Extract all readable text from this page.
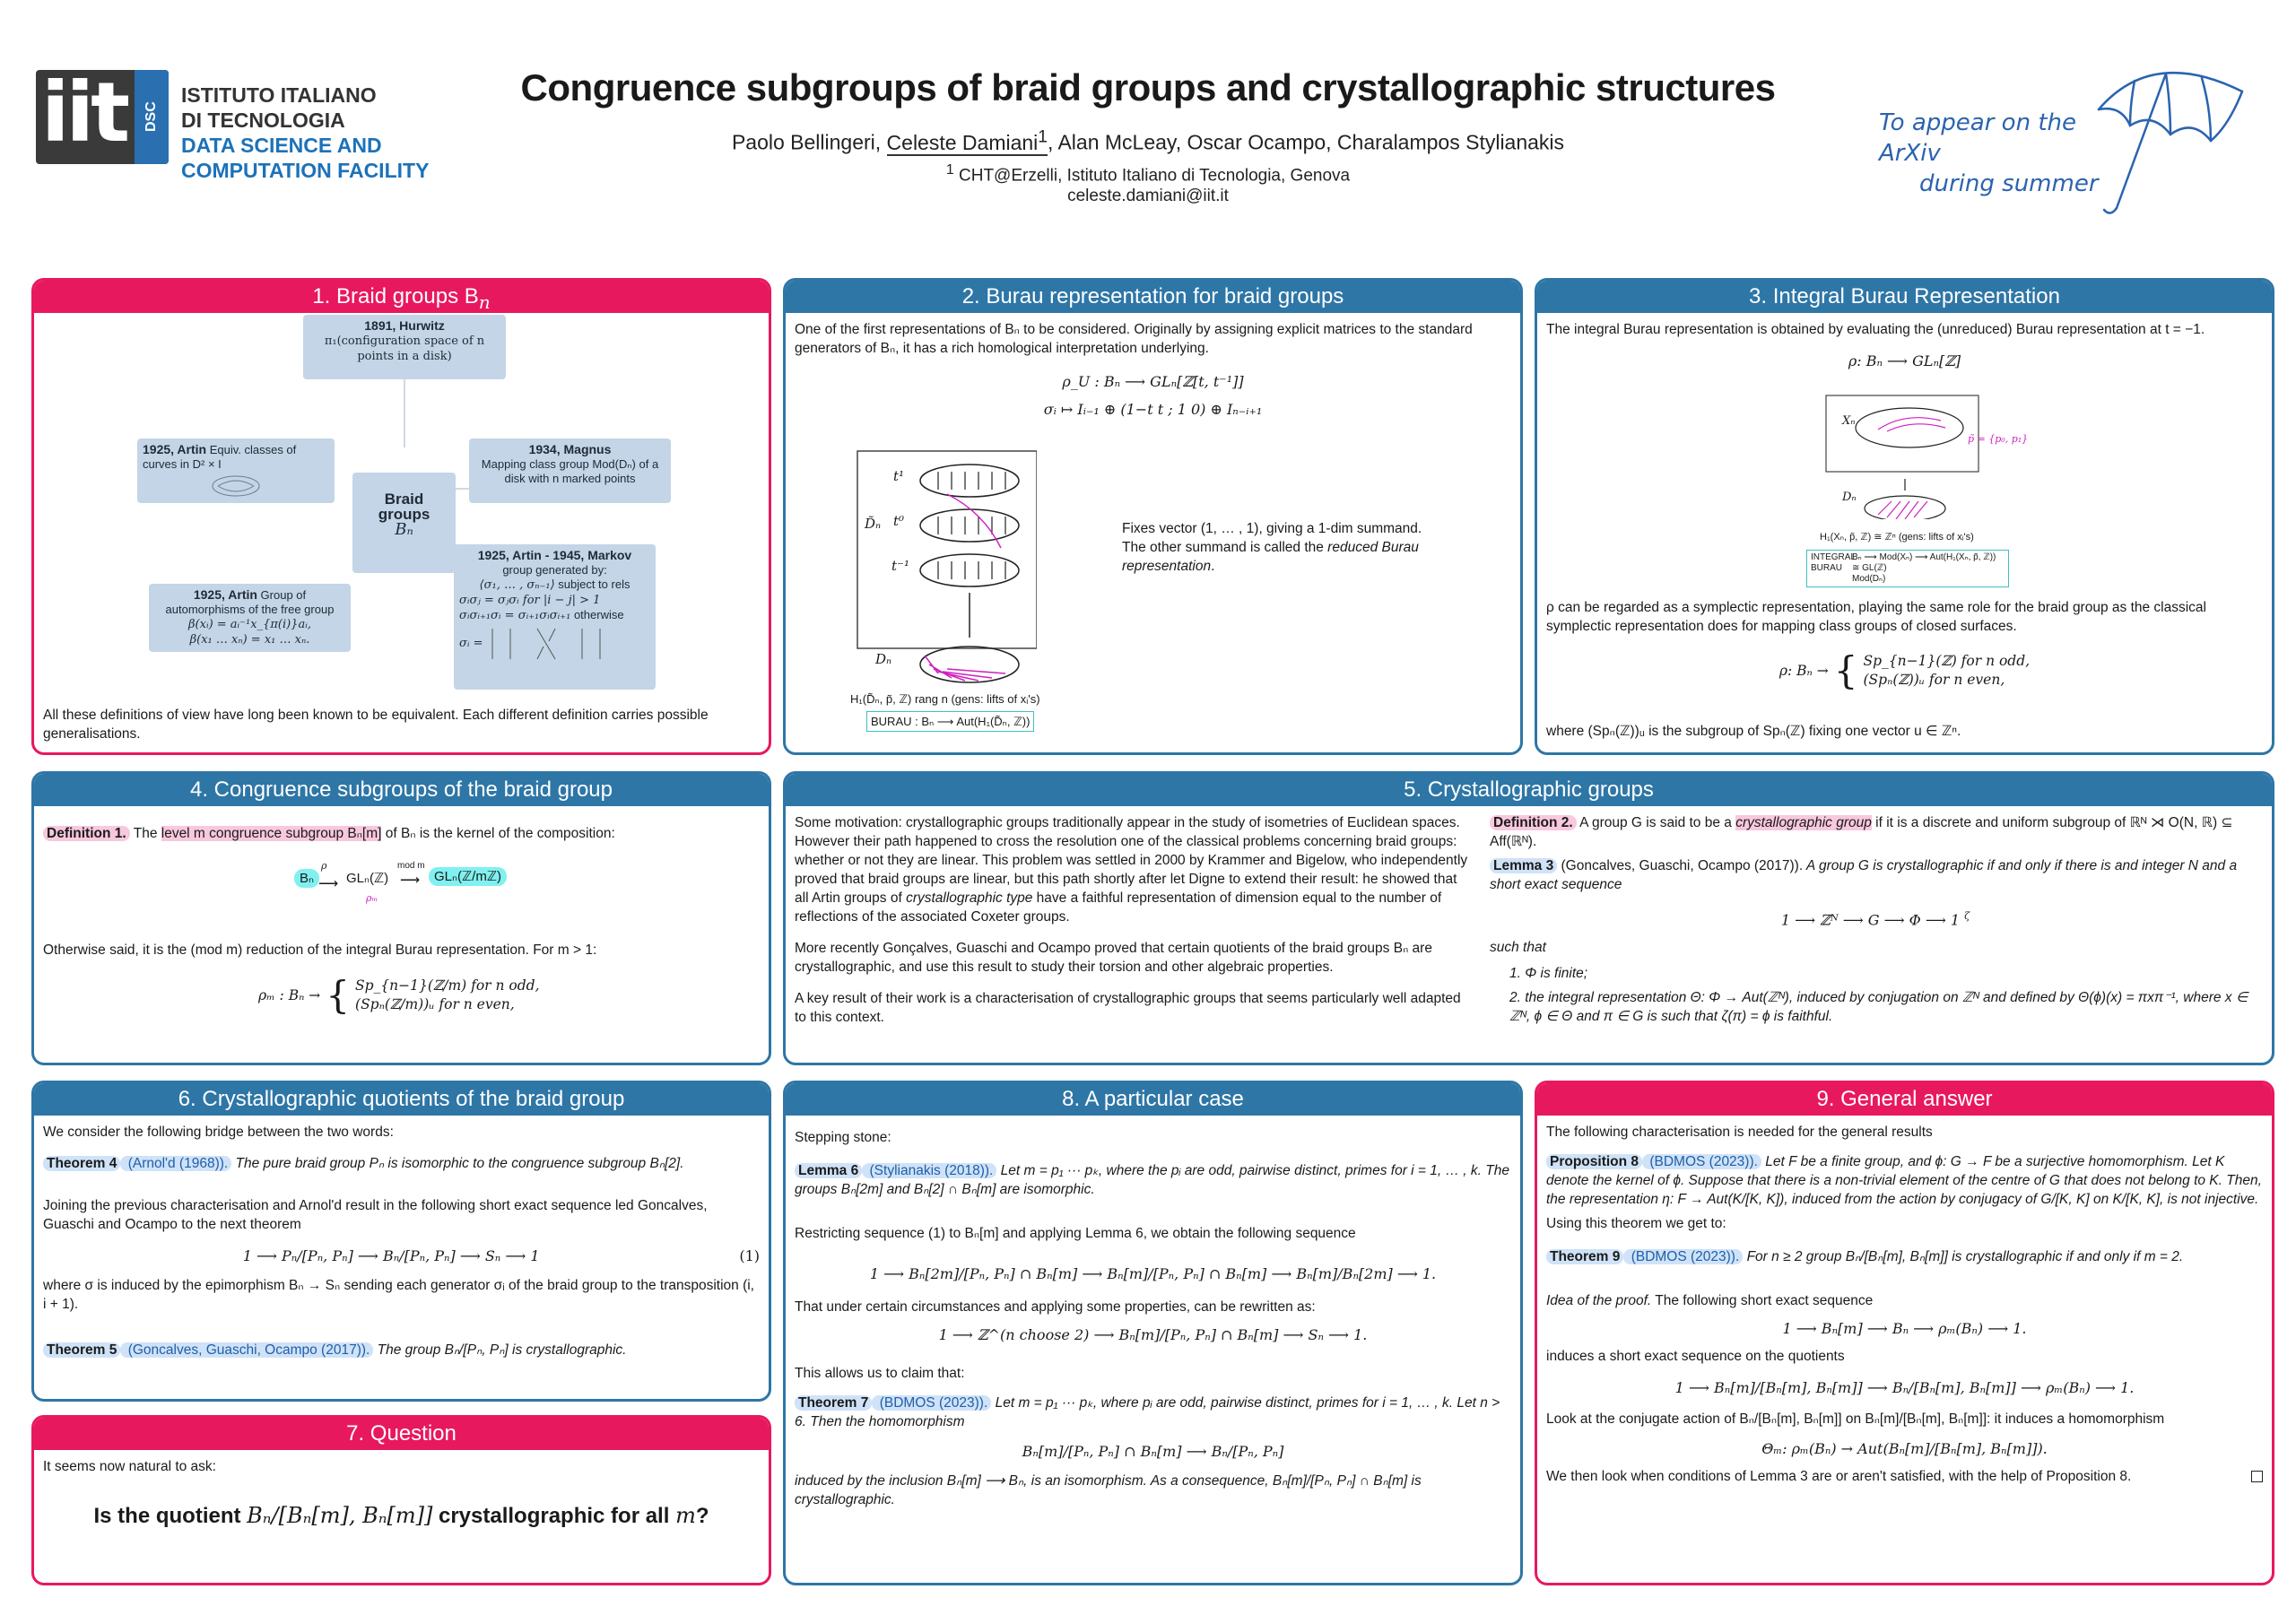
iit	DSC
ISTITUTO ITALIANO
DI TECNOLOGIA
DATA SCIENCE AND
COMPUTATION FACILITY
Congruence subgroups of braid groups and crystallographic structures
Paolo Bellingeri, Celeste Damiani$^1$, Alan McLeay, Oscar Ocampo, Charalampos Stylianakis
$^1$ CHT@Erzelli, Istituto Italiano di Tecnologia, Genova
celeste.damiani@iit.it
To appear on the ArXiv
during summer
1. Braid groups $B_n$
1891, Hurwitz
π₁(configuration space of n points in a disk)
1925, Artin Equiv. classes of curves in D² × I
1934, Magnus
Mapping class group Mod(Dₙ) of a disk with n marked points
Braid groups
Bₙ
1925, Artin Group of automorphisms of the free group
β(xᵢ) = aᵢ⁻¹x_{π(i)}aᵢ,
β(x₁ … xₙ) = x₁ … xₙ.
1925, Artin - 1945, Markov
group generated by:
⟨σ₁, … , σₙ₋₁⟩ subject to rels

σᵢσⱼ = σⱼσᵢ for |i − j| > 1
σᵢσᵢ₊₁σᵢ = σᵢ₊₁σᵢσᵢ₊₁ otherwise
σᵢ =

All these definitions of view have long been known to be equivalent. Each different definition carries possible generalisations.

2. Burau representation for braid groups

One of the first representations of Bₙ to be considered. Originally by assigning explicit matrices to the standard generators of Bₙ, it has a rich homological interpretation underlying.

ρ_U : Bₙ ⟶ GLₙ[ℤ[t, t⁻¹]]
σᵢ ↦ Iᵢ₋₁ ⊕ (1−t t ; 1 0) ⊕ Iₙ₋ᵢ₊₁
t¹
t⁰
t⁻¹
D̃ₙ
Dₙ
H₁(D̃ₙ, p̃, ℤ) rang n (gens: lifts of xᵢ's)
BURAU : Bₙ ⟶ Aut(H₁(D̃ₙ, ℤ))
Fixes vector (1, … , 1), giving a 1-dim summand. The other summand is called the reduced Burau representation.
3. Integral Burau Representation

The integral Burau representation is obtained by evaluating the (unreduced) Burau representation at t = −1.

ρ: Bₙ ⟶ GLₙ[ℤ]
Xₙ
Dₙ
p̃ = {p₀, p₁}
H₁(Xₙ, p̃, ℤ) ≅ ℤⁿ (gens: lifts of xᵢ's)
INTEGRAL BURAU
Bₙ ⟶ Mod(Xₙ) ⟶ Aut(H₁(Xₙ, p̃, ℤ)) ≅ GL(ℤ)
Mod(Dₙ)

ρ can be regarded as a symplectic representation, playing the same role for the braid group as the classical symplectic representation does for mapping class groups of closed surfaces.

ρ: Bₙ → { Sp_{n−1}(ℤ) for n odd,
(Spₙ(ℤ))ᵤ for n even,

where (Spₙ(ℤ))ᵤ is the subgroup of Spₙ(ℤ) fixing one vector u ∈ ℤⁿ.

4. Congruence subgroups of the braid group

Definition 1. The level m congruence subgroup Bₙ[m] of Bₙ is the kernel of the composition:

Bₙ
ρ
⟶ GLₙ(ℤ)
mod m
⟶	GLₙ(ℤ/mℤ)
ρₘ

Otherwise said, it is the (mod m) reduction of the integral Burau representation. For m > 1:

ρₘ : Bₙ → { Sp_{n−1}(ℤ/m) for n odd,
(Spₙ(ℤ/m))ᵤ for n even,
5. Crystallographic groups

Some motivation: crystallographic groups traditionally appear in the study of isometries of Euclidean spaces. However their path happened to cross the resolution one of the classical problems concerning braid groups: whether or not they are linear. This problem was settled in 2000 by Krammer and Bigelow, who independently proved that braid groups are linear, but this path shortly after let Digne to extend their result: he showed that all Artin groups of crystallographic type have a faithful representation of dimension equal to the number of reflections of the associated Coxeter groups.

More recently Gonçalves, Guaschi and Ocampo proved that certain quotients of the braid groups Bₙ are crystallographic, and use this result to study their torsion and other algebraic properties.

A key result of their work is a characterisation of crystallographic groups that seems particularly well adapted to this context.

Definition 2. A group G is said to be a crystallographic group if it is a discrete and uniform subgroup of ℝᴺ ⋊ O(N, ℝ) ⊆ Aff(ℝᴺ).

Lemma 3 (Goncalves, Guaschi, Ocampo (2017)). A group G is crystallographic if and only if there is and integer N and a short exact sequence

1 ⟶ ℤᴺ ⟶ G ⟶ Φ ⟶ 1 $^\zeta$

such that

1. Φ is finite;

2. the integral representation Θ: Φ → Aut(ℤᴺ), induced by conjugation on ℤᴺ and defined by Θ(ϕ)(x) = πxπ⁻¹, where x ∈ ℤᴺ, ϕ ∈ Θ and π ∈ G is such that ζ(π) = ϕ is faithful.

6. Crystallographic quotients of the braid group

We consider the following bridge between the two words:

Theorem 4 (Arnol'd (1968)). The pure braid group Pₙ is isomorphic to the congruence subgroup Bₙ[2].

Joining the previous characterisation and Arnol'd result in the following short exact sequence led Goncalves, Guaschi and Ocampo to the next theorem

1 ⟶ Pₙ/[Pₙ, Pₙ] ⟶ Bₙ/[Pₙ, Pₙ] ⟶ Sₙ ⟶ 1	(1)

where σ is induced by the epimorphism Bₙ → Sₙ sending each generator σᵢ of the braid group to the transposition (i, i + 1).

Theorem 5 (Goncalves, Guaschi, Ocampo (2017)). The group Bₙ/[Pₙ, Pₙ] is crystallographic.

7. Question

It seems now natural to ask:

Is the quotient Bₙ/[Bₙ[m], Bₙ[m]] crystallographic for all m?
8. A particular case

Stepping stone:

Lemma 6 (Stylianakis (2018)). Let m = p₁ ··· pₖ, where the pᵢ are odd, pairwise distinct, primes for i = 1, … , k. The groups Bₙ[2m] and Bₙ[2] ∩ Bₙ[m] are isomorphic.

Restricting sequence (1) to Bₙ[m] and applying Lemma 6, we obtain the following sequence

1 ⟶ Bₙ[2m]/[Pₙ, Pₙ] ∩ Bₙ[m] ⟶ Bₙ[m]/[Pₙ, Pₙ] ∩ Bₙ[m] ⟶ Bₙ[m]/Bₙ[2m] ⟶ 1.

That under certain circumstances and applying some properties, can be rewritten as:

1 ⟶ ℤ^(n choose 2) ⟶ Bₙ[m]/[Pₙ, Pₙ] ∩ Bₙ[m] ⟶ Sₙ ⟶ 1.

This allows us to claim that:

Theorem 7 (BDMOS (2023)). Let m = p₁ ··· pₖ, where pᵢ are odd, pairwise distinct, primes for i = 1, … , k. Let n > 6. Then the homomorphism

Bₙ[m]/[Pₙ, Pₙ] ∩ Bₙ[m] ⟶ Bₙ/[Pₙ, Pₙ]

induced by the inclusion Bₙ[m] ⟶ Bₙ, is an isomorphism. As a consequence, Bₙ[m]/[Pₙ, Pₙ] ∩ Bₙ[m] is crystallographic.

9. General answer

The following characterisation is needed for the general results

Proposition 8 (BDMOS (2023)). Let F be a finite group, and ϕ: G → F be a surjective homomorphism. Let K denote the kernel of ϕ. Suppose that there is a non-trivial element of the centre of G that does not belong to K. Then, the representation η: F → Aut(K/[K, K]), induced from the action by conjugacy of G/[K, K] on K/[K, K], is not injective.

Using this theorem we get to:

Theorem 9 (BDMOS (2023)). For n ≥ 2 group Bₙ/[Bₙ[m], Bₙ[m]] is crystallographic if and only if m = 2.

Idea of the proof. The following short exact sequence

1 ⟶ Bₙ[m] ⟶ Bₙ ⟶ ρₘ(Bₙ) ⟶ 1.

induces a short exact sequence on the quotients

1 ⟶ Bₙ[m]/[Bₙ[m], Bₙ[m]] ⟶ Bₙ/[Bₙ[m], Bₙ[m]] ⟶ ρₘ(Bₙ) ⟶ 1.

Look at the conjugate action of Bₙ/[Bₙ[m], Bₙ[m]] on Bₙ[m]/[Bₙ[m], Bₙ[m]]: it induces a homomorphism

Θₘ: ρₘ(Bₙ) → Aut(Bₙ[m]/[Bₙ[m], Bₙ[m]]).

We then look when conditions of Lemma 3 are or aren't satisfied, with the help of Proposition 8.
